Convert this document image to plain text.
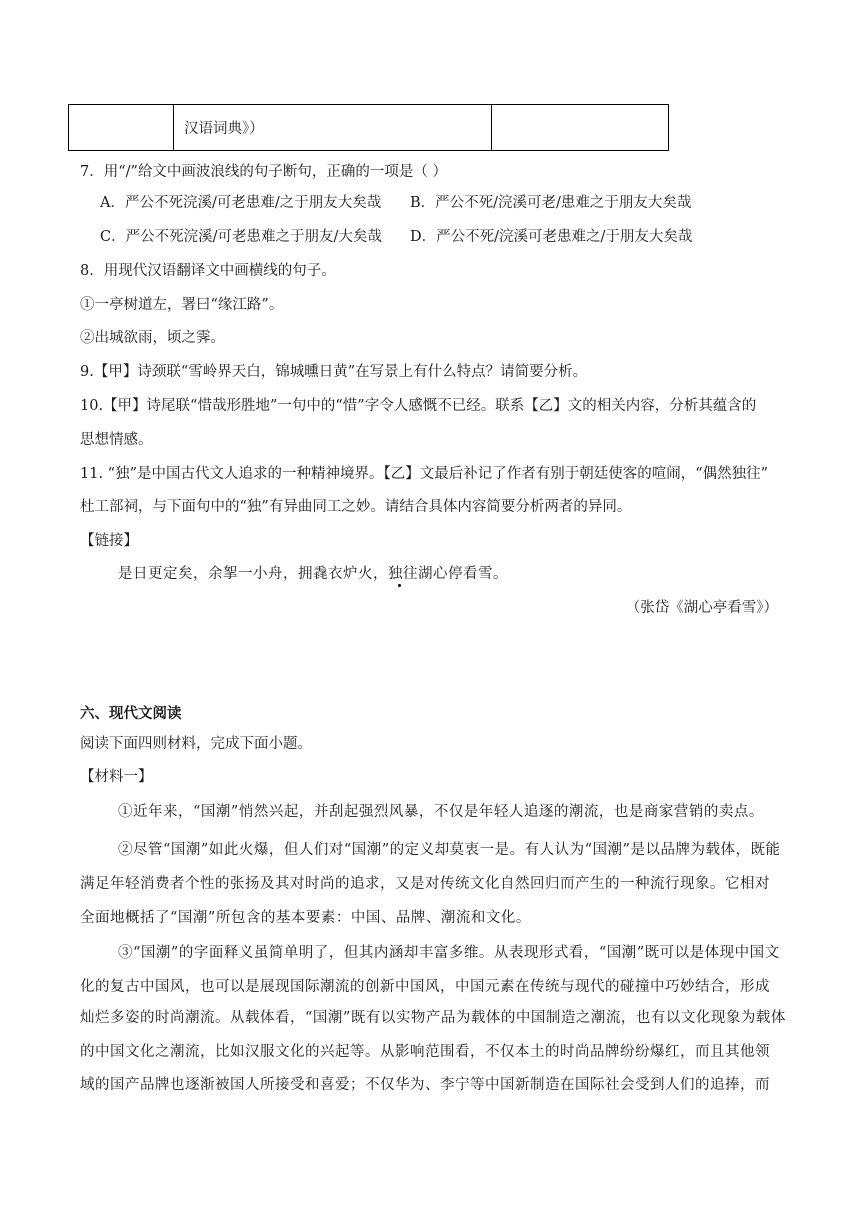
	汉语词典》）	
7．用“/”给文中画波浪线的句子断句，正确的一项是（ ）
A．严公不死浣溪/可老患难/之于朋友大矣哉 B．严公不死/浣溪可老/患难之于朋友大矣哉
C．严公不死浣溪/可老患难之于朋友/大矣哉 D．严公不死/浣溪可老患难之/于朋友大矣哉
8．用现代汉语翻译文中画横线的句子。
①一亭树道左，署曰“缘江路”。
②出城欲雨，顷之霁。
9.【甲】诗颈联“雪岭界天白，锦城曛日黄”在写景上有什么特点？请简要分析。
10.【甲】诗尾联“惜哉形胜地”一句中的“惜”字令人感慨不已经。联系【乙】文的相关内容，分析其蕴含的
思想情感。
11. “独”是中国古代文人追求的一种精神境界。【乙】文最后补记了作者有别于朝廷使客的喧闹，“偶然独往”
杜工部祠，与下面句中的“独”有异曲同工之妙。请结合具体内容简要分析两者的异同。
【链接】
是日更定矣，余挐一小舟，拥毳衣炉火，独往湖心停看雪。
（张岱《湖心亭看雪》）
六、现代文阅读
阅读下面四则材料，完成下面小题。
【材料一】
①近年来，“国潮”悄然兴起，并刮起强烈风暴，不仅是年轻人追逐的潮流，也是商家营销的卖点。
②尽管“国潮”如此火爆，但人们对“国潮”的定义却莫衷一是。有人认为“国潮”是以品牌为载体，既能
满足年轻消费者个性的张扬及其对时尚的追求，又是对传统文化自然回归而产生的一种流行现象。它相对
全面地概括了“国潮”所包含的基本要素：中国、品牌、潮流和文化。
③“国潮”的字面释义虽简单明了，但其内涵却丰富多维。从表现形式看，“国潮”既可以是体现中国文
化的复古中国风，也可以是展现国际潮流的创新中国风，中国元素在传统与现代的碰撞中巧妙结合，形成
灿烂多姿的时尚潮流。从载体看，“国潮”既有以实物产品为载体的中国制造之潮流，也有以文化现象为载体
的中国文化之潮流，比如汉服文化的兴起等。从影响范围看，不仅本土的时尚品牌纷纷爆红，而且其他领
域的国产品牌也逐渐被国人所接受和喜爱；不仅华为、李宁等中国新制造在国际社会受到人们的追捧，而
